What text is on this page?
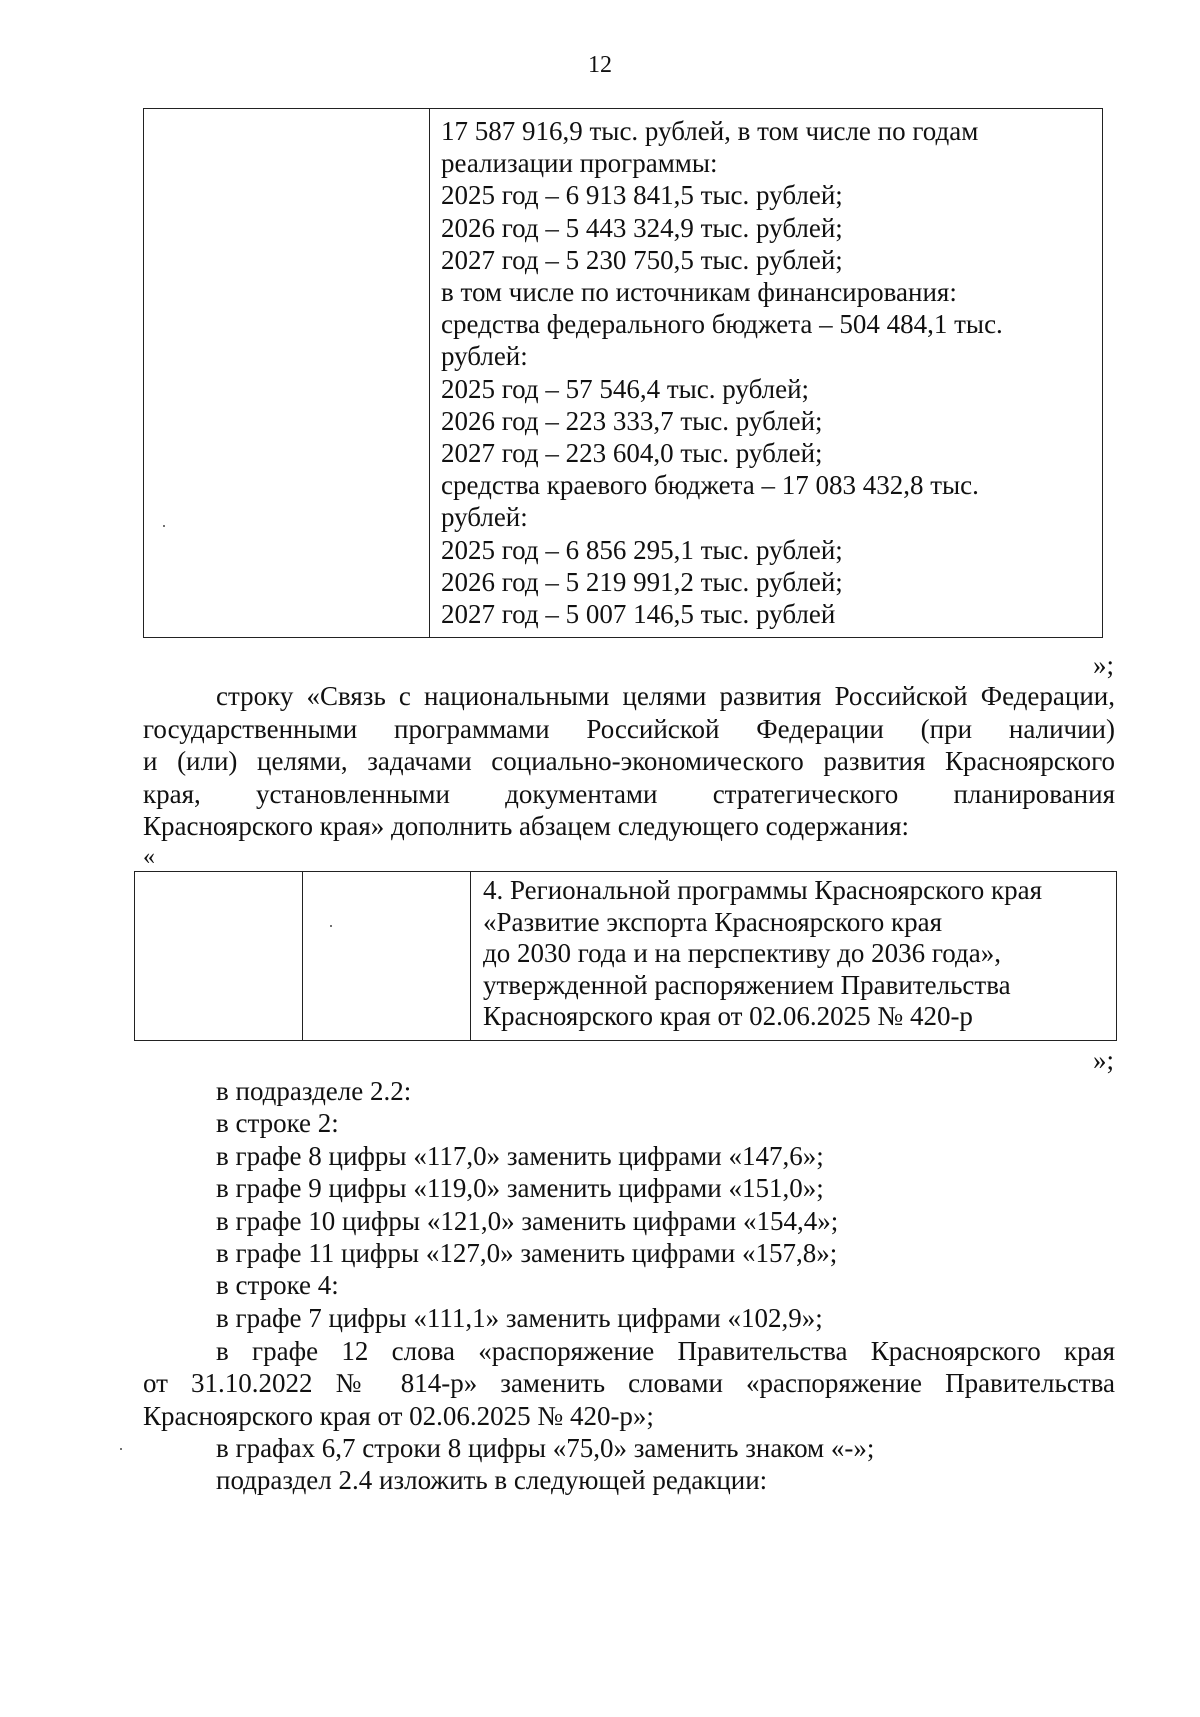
12
17 587 916,9 тыс. рублей, в том числе по годам
реализации программы:
2025 год – 6 913 841,5 тыс. рублей;
2026 год – 5 443 324,9 тыс. рублей;
2027 год – 5 230 750,5 тыс. рублей;
в том числе по источникам финансирования:
средства федерального бюджета – 504 484,1 тыс.
рублей:
2025 год – 57 546,4 тыс. рублей;
2026 год – 223 333,7 тыс. рублей;
2027 год – 223 604,0 тыс. рублей;
средства краевого бюджета – 17 083 432,8 тыс.
рублей:
2025 год – 6 856 295,1 тыс. рублей;
2026 год – 5 219 991,2 тыс. рублей;
2027 год – 5 007 146,5 тыс. рублей
»;
строку «Связь с национальными целями развития Российской Федерации,
государственными программами Российской Федерации (при наличии)
и (или) целями, задачами социально-экономического развития Красноярского
края, установленными документами стратегического планирования
Красноярского края» дополнить абзацем следующего содержания:
«
4. Региональной программы Красноярского края
«Развитие экспорта Красноярского края
до 2030 года и на перспективу до 2036 года»,
утвержденной распоряжением Правительства
Красноярского края от 02.06.2025 № 420-р
»;
в подразделе 2.2:
в строке 2:
в графе 8 цифры «117,0» заменить цифрами «147,6»;
в графе 9 цифры «119,0» заменить цифрами «151,0»;
в графе 10 цифры «121,0» заменить цифрами «154,4»;
в графе 11 цифры «127,0» заменить цифрами «157,8»;
в строке 4:
в графе 7 цифры «111,1» заменить цифрами «102,9»;
в графе 12 слова «распоряжение Правительства Красноярского края
от 31.10.2022 № 814-р» заменить словами «распоряжение Правительства
Красноярского края от 02.06.2025 № 420-р»;
в графах 6,7 строки 8 цифры «75,0» заменить знаком «-»;
подраздел 2.4 изложить в следующей редакции:
